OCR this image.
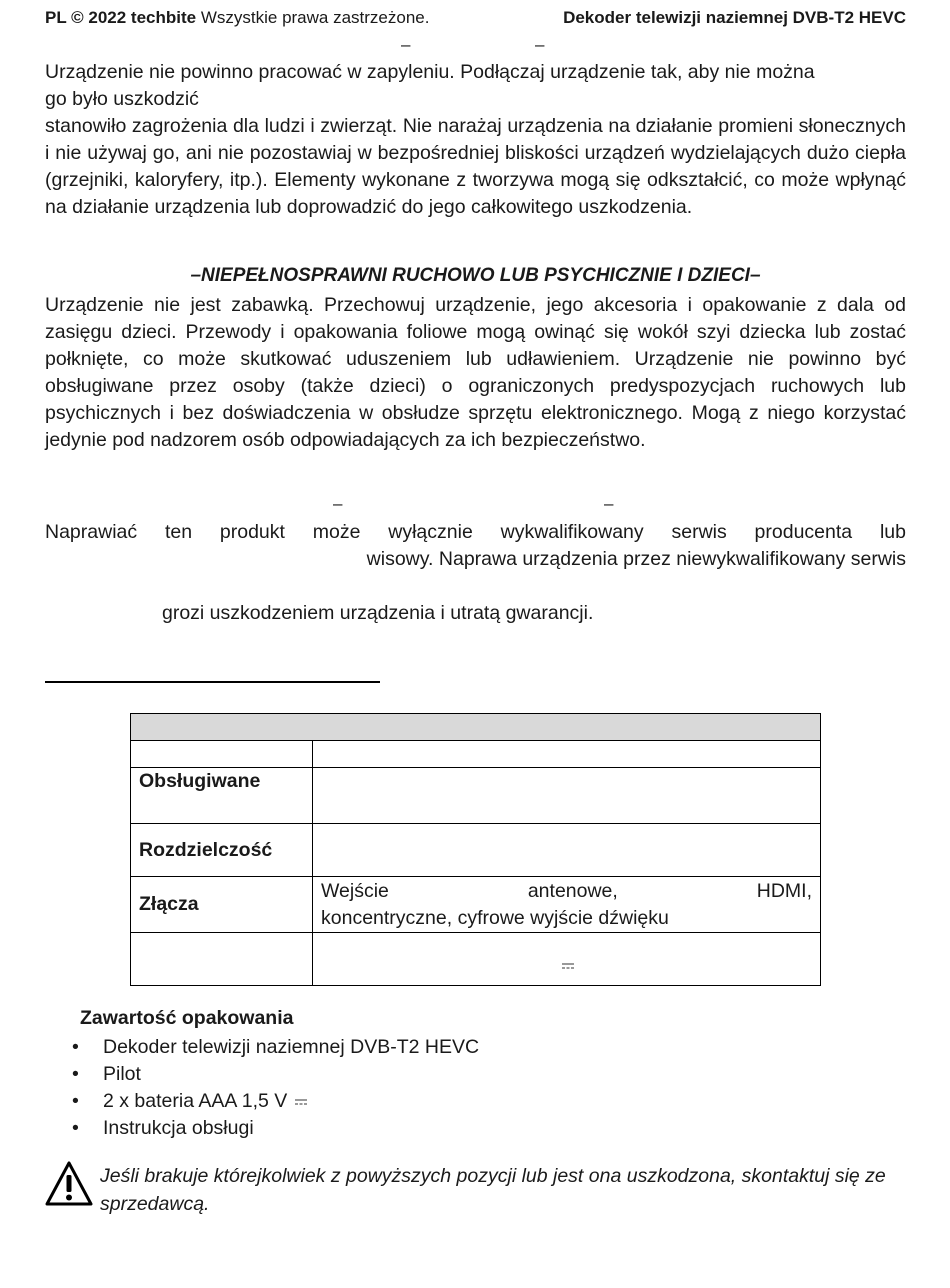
PL © 2022 techbite Wszystkie prawa zastrzeżone.	Dekoder telewizji naziemnej DVB-T2 HEVC
–	–
Urządzenie nie powinno pracować w zapyleniu. Podłączaj urządzenie tak, aby nie można
go było uszkodzić
stanowiło zagrożenia dla ludzi i zwierząt. Nie narażaj urządzenia na działanie promieni słonecznych i nie używaj go, ani nie pozostawiaj w bezpośredniej bliskości urządzeń wydzielających dużo ciepła (grzejniki, kaloryfery, itp.). Elementy wykonane z tworzywa mogą się odkształcić, co może wpłynąć na działanie urządzenia lub doprowadzić do jego całkowitego uszkodzenia.
–NIEPEŁNOSPRAWNI RUCHOWO LUB PSYCHICZNIE I DZIECI–
Urządzenie nie jest zabawką. Przechowuj urządzenie, jego akcesoria i opakowanie z dala od zasięgu dzieci. Przewody i opakowania foliowe mogą owinąć się wokół szyi dziecka lub zostać połknięte, co może skutkować uduszeniem lub udławieniem. Urządzenie nie powinno być obsługiwane przez osoby (także dzieci) o ograniczonych predyspozycjach ruchowych lub psychicznych i bez doświadczenia w obsłudze sprzętu elektronicznego. Mogą z niego korzystać jedynie pod nadzorem osób odpowiadających za ich bezpieczeństwo.
–	–
Naprawiać ten produkt może wyłącznie wykwalifikowany serwis producenta lub
wisowy. Naprawa urządzenia przez niewykwalifikowany serwis
grozi uszkodzeniem urządzenia i utratą gwarancji.

Obsługiwane	
Rozdzielczość	
Złącza	Wejście antenowe, HDMI,
koncentryczne, cyfrowe wyjście dźwięku

Zawartość opakowania
• Dekoder telewizji naziemnej DVB-T2 HEVC
• Pilot
• 2 x bateria AAA 1,5 V
• Instrukcja obsługi
Jeśli brakuje którejkolwiek z powyższych pozycji lub jest ona uszkodzona, skontaktuj się ze sprzedawcą.
